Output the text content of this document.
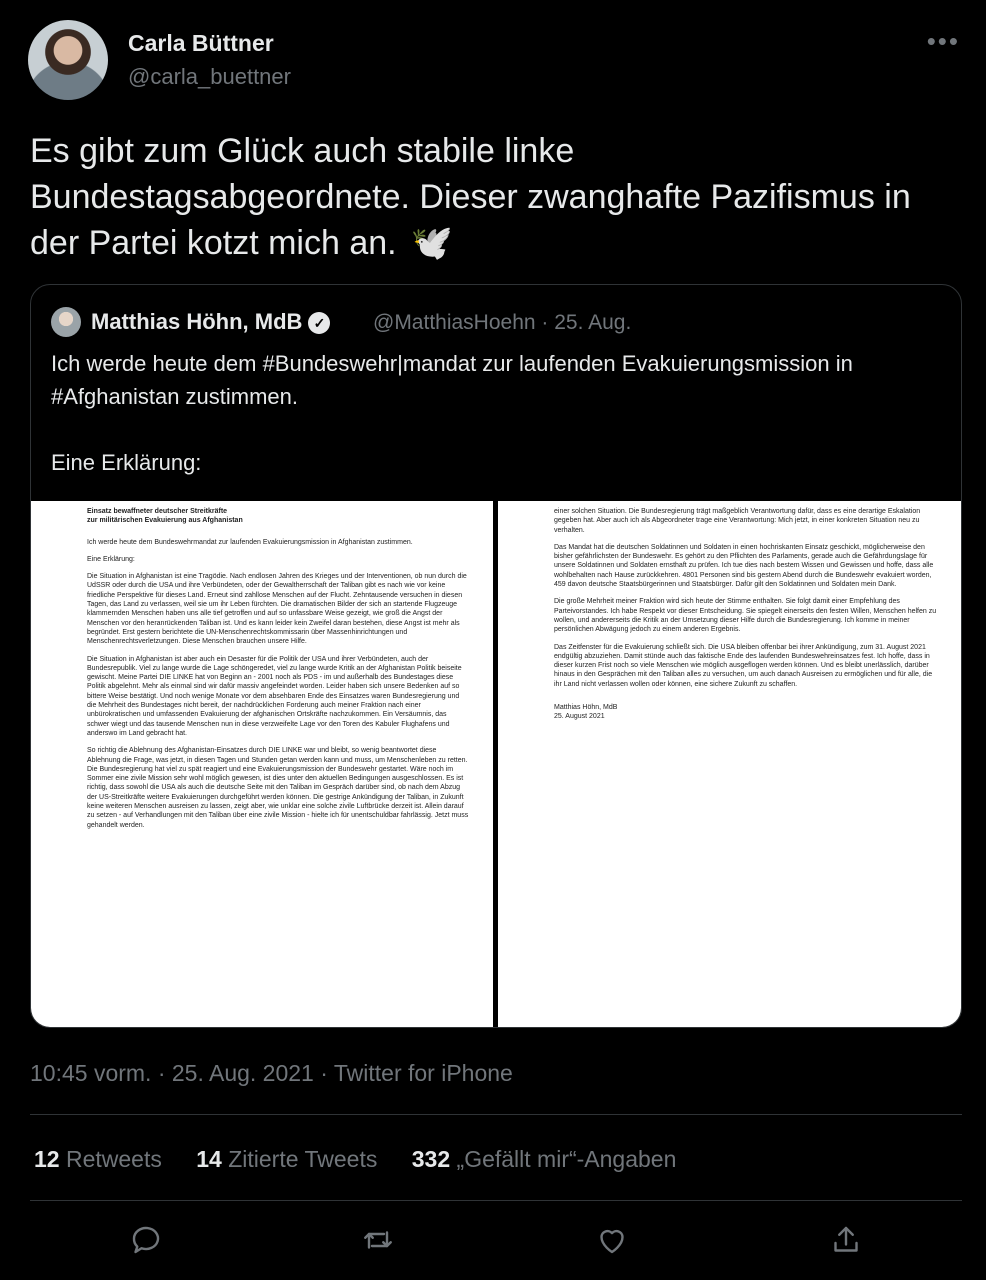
Carla Büttner
@carla_buettner
•••
Es gibt zum Glück auch stabile linke Bundestagsabgeordnete. Dieser zwanghafte Pazifismus in der Partei kotzt mich an. 🕊️
Matthias Höhn, MdB ✓ @MatthiasHoehn · 25. Aug.

Ich werde heute dem #Bundeswehr|mandat zur laufenden Evakuierungsmission in #Afghanistan zustimmen.

Eine Erklärung:

Einsatz bewaffneter deutscher Streitkräfte

zur militärischen Evakuierung aus Afghanistan

Ich werde heute dem Bundeswehrmandat zur laufenden Evakuierungsmission in Afghanistan zustimmen.

Eine Erklärung:

Die Situation in Afghanistan ist eine Tragödie. Nach endlosen Jahren des Krieges und der Interventionen, ob nun durch die UdSSR oder durch die USA und ihre Verbündeten, oder der Gewaltherrschaft der Taliban gibt es nach wie vor keine friedliche Perspektive für dieses Land. Erneut sind zahllose Menschen auf der Flucht. Zehntausende versuchen in diesen Tagen, das Land zu verlassen, weil sie um ihr Leben fürchten. Die dramatischen Bilder der sich an startende Flugzeuge klammernden Menschen haben uns alle tief getroffen und auf so unfassbare Weise gezeigt, wie groß die Angst der Menschen vor den heranrückenden Taliban ist. Und es kann leider kein Zweifel daran bestehen, diese Angst ist mehr als begründet. Erst gestern berichtete die UN-Menschenrechtskommissarin über Massenhinrichtungen und Menschenrechtsverletzungen. Diese Menschen brauchen unsere Hilfe.

Die Situation in Afghanistan ist aber auch ein Desaster für die Politik der USA und ihrer Verbündeten, auch der Bundesrepublik. Viel zu lange wurde die Lage schöngeredet, viel zu lange wurde Kritik an der Afghanistan Politik beiseite gewischt. Meine Partei DIE LINKE hat von Beginn an - 2001 noch als PDS - im und außerhalb des Bundestages diese Politik abgelehnt. Mehr als einmal sind wir dafür massiv angefeindet worden. Leider haben sich unsere Bedenken auf so bittere Weise bestätigt. Und noch wenige Monate vor dem absehbaren Ende des Einsatzes waren Bundesregierung und die Mehrheit des Bundestages nicht bereit, der nachdrücklichen Forderung auch meiner Fraktion nach einer unbürokratischen und umfassenden Evakuierung der afghanischen Ortskräfte nachzukommen. Ein Versäumnis, das schwer wiegt und das tausende Menschen nun in diese verzweifelte Lage vor den Toren des Kabuler Flughafens und anderswo im Land gebracht hat.

So richtig die Ablehnung des Afghanistan-Einsatzes durch DIE LINKE war und bleibt, so wenig beantwortet diese Ablehnung die Frage, was jetzt, in diesen Tagen und Stunden getan werden kann und muss, um Menschenleben zu retten. Die Bundesregierung hat viel zu spät reagiert und eine Evakuierungsmission der Bundeswehr gestartet. Wäre noch im Sommer eine zivile Mission sehr wohl möglich gewesen, ist dies unter den aktuellen Bedingungen ausgeschlossen. Es ist richtig, dass sowohl die USA als auch die deutsche Seite mit den Taliban im Gespräch darüber sind, ob nach dem Abzug der US-Streitkräfte weitere Evakuierungen durchgeführt werden können. Die gestrige Ankündigung der Taliban, in Zukunft keine weiteren Menschen ausreisen zu lassen, zeigt aber, wie unklar eine solche zivile Luftbrücke derzeit ist. Allein darauf zu setzen - auf Verhandlungen mit den Taliban über eine zivile Mission - hielte ich für unentschuldbar fahrlässig. Jetzt muss gehandelt werden.

einer solchen Situation. Die Bundesregierung trägt maßgeblich Verantwortung dafür, dass es eine derartige Eskalation gegeben hat. Aber auch ich als Abgeordneter trage eine Verantwortung: Mich jetzt, in einer konkreten Situation neu zu verhalten.

Das Mandat hat die deutschen Soldatinnen und Soldaten in einen hochriskanten Einsatz geschickt, möglicherweise den bisher gefährlichsten der Bundeswehr. Es gehört zu den Pflichten des Parlaments, gerade auch die Gefährdungslage für unsere Soldatinnen und Soldaten ernsthaft zu prüfen. Ich tue dies nach bestem Wissen und Gewissen und hoffe, dass alle wohlbehalten nach Hause zurückkehren. 4801 Personen sind bis gestern Abend durch die Bundeswehr evakuiert worden, 459 davon deutsche Staatsbürgerinnen und Staatsbürger. Dafür gilt den Soldatinnen und Soldaten mein Dank.

Die große Mehrheit meiner Fraktion wird sich heute der Stimme enthalten. Sie folgt damit einer Empfehlung des Parteivorstandes. Ich habe Respekt vor dieser Entscheidung. Sie spiegelt einerseits den festen Willen, Menschen helfen zu wollen, und andererseits die Kritik an der Umsetzung dieser Hilfe durch die Bundesregierung. Ich komme in meiner persönlichen Abwägung jedoch zu einem anderen Ergebnis.

Das Zeitfenster für die Evakuierung schließt sich. Die USA bleiben offenbar bei ihrer Ankündigung, zum 31. August 2021 endgültig abzuziehen. Damit stünde auch das faktische Ende des laufenden Bundeswehreinsatzes fest. Ich hoffe, dass in dieser kurzen Frist noch so viele Menschen wie möglich ausgeflogen werden können. Und es bleibt unerlässlich, darüber hinaus in den Gesprächen mit den Taliban alles zu versuchen, um auch danach Ausreisen zu ermöglichen und für alle, die ihr Land nicht verlassen wollen oder können, eine sichere Zukunft zu schaffen.

Matthias Höhn, MdB

25. August 2021

10:45 vorm. · 25. Aug. 2021 · Twitter for iPhone
12 Retweets 14 Zitierte Tweets 332 „Gefällt mir“-Angaben
